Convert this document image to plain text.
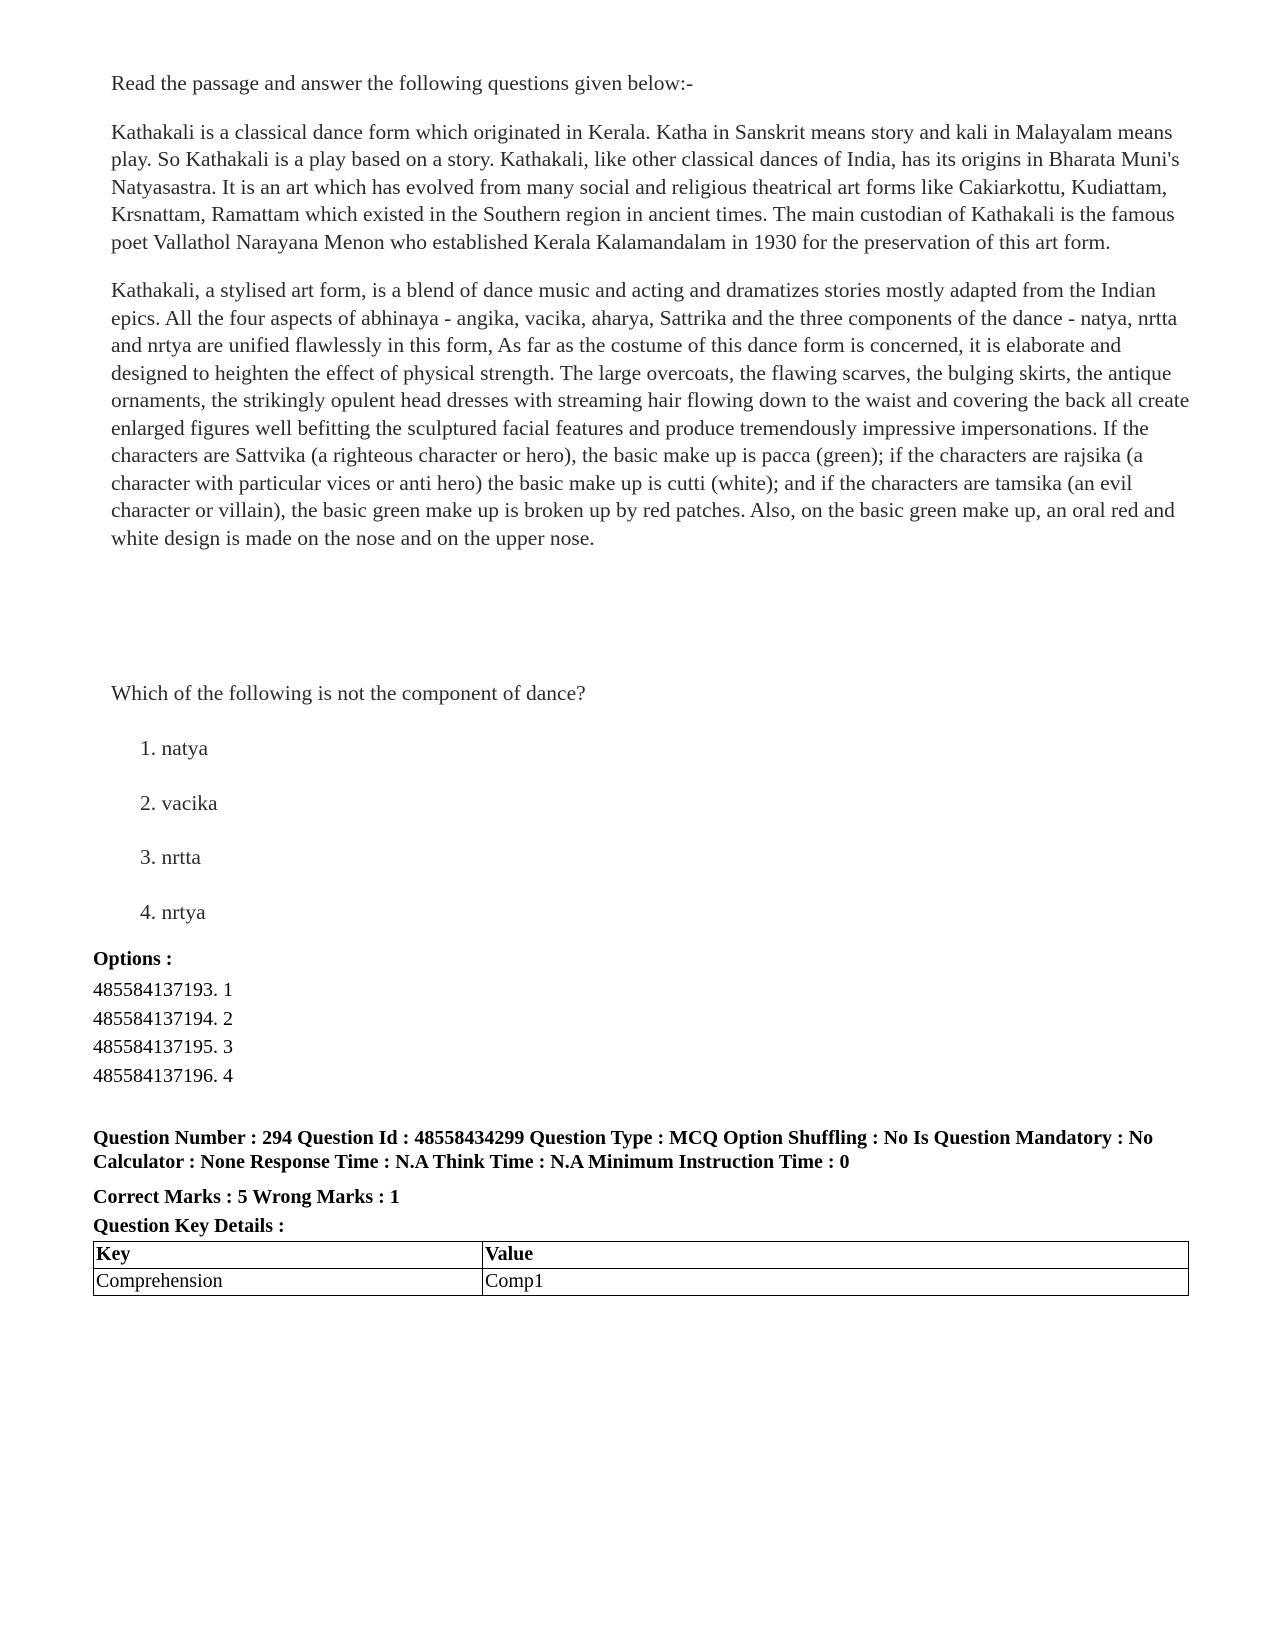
Read the passage and answer the following questions given below:-

Kathakali is a classical dance form which originated in Kerala. Katha in Sanskrit means story and kali in Malayalam means play. So Kathakali is a play based on a story. Kathakali, like other classical dances of India, has its origins in Bharata Muni's Natyasastra. It is an art which has evolved from many social and religious theatrical art forms like Cakiarkottu, Kudiattam, Krsnattam, Ramattam which existed in the Southern region in ancient times. The main custodian of Kathakali is the famous poet Vallathol Narayana Menon who established Kerala Kalamandalam in 1930 for the preservation of this art form.

Kathakali, a stylised art form, is a blend of dance music and acting and dramatizes stories mostly adapted from the Indian epics. All the four aspects of abhinaya - angika, vacika, aharya, Sattrika and the three components of the dance - natya, nrtta and nrtya are unified flawlessly in this form, As far as the costume of this dance form is concerned, it is elaborate and designed to heighten the effect of physical strength. The large overcoats, the flawing scarves, the bulging skirts, the antique ornaments, the strikingly opulent head dresses with streaming hair flowing down to the waist and covering the back all create enlarged figures well befitting the sculptured facial features and produce tremendously impressive impersonations. If the characters are Sattvika (a righteous character or hero), the basic make up is pacca (green); if the characters are rajsika (a character with particular vices or anti hero) the basic make up is cutti (white); and if the characters are tamsika (an evil character or villain), the basic green make up is broken up by red patches. Also, on the basic green make up, an oral red and white design is made on the nose and on the upper nose.

Which of the following is not the component of dance?

1. natya
2. vacika
3. nrtta
4. nrtya
Options :
485584137193. 1
485584137194. 2
485584137195. 3
485584137196. 4

Question Number : 294 Question Id : 48558434299 Question Type : MCQ Option Shuffling : No Is Question Mandatory : No Calculator : None Response Time : N.A Think Time : N.A Minimum Instruction Time : 0

Correct Marks : 5 Wrong Marks : 1

Question Key Details :

Key	Value
Comprehension	Comp1
